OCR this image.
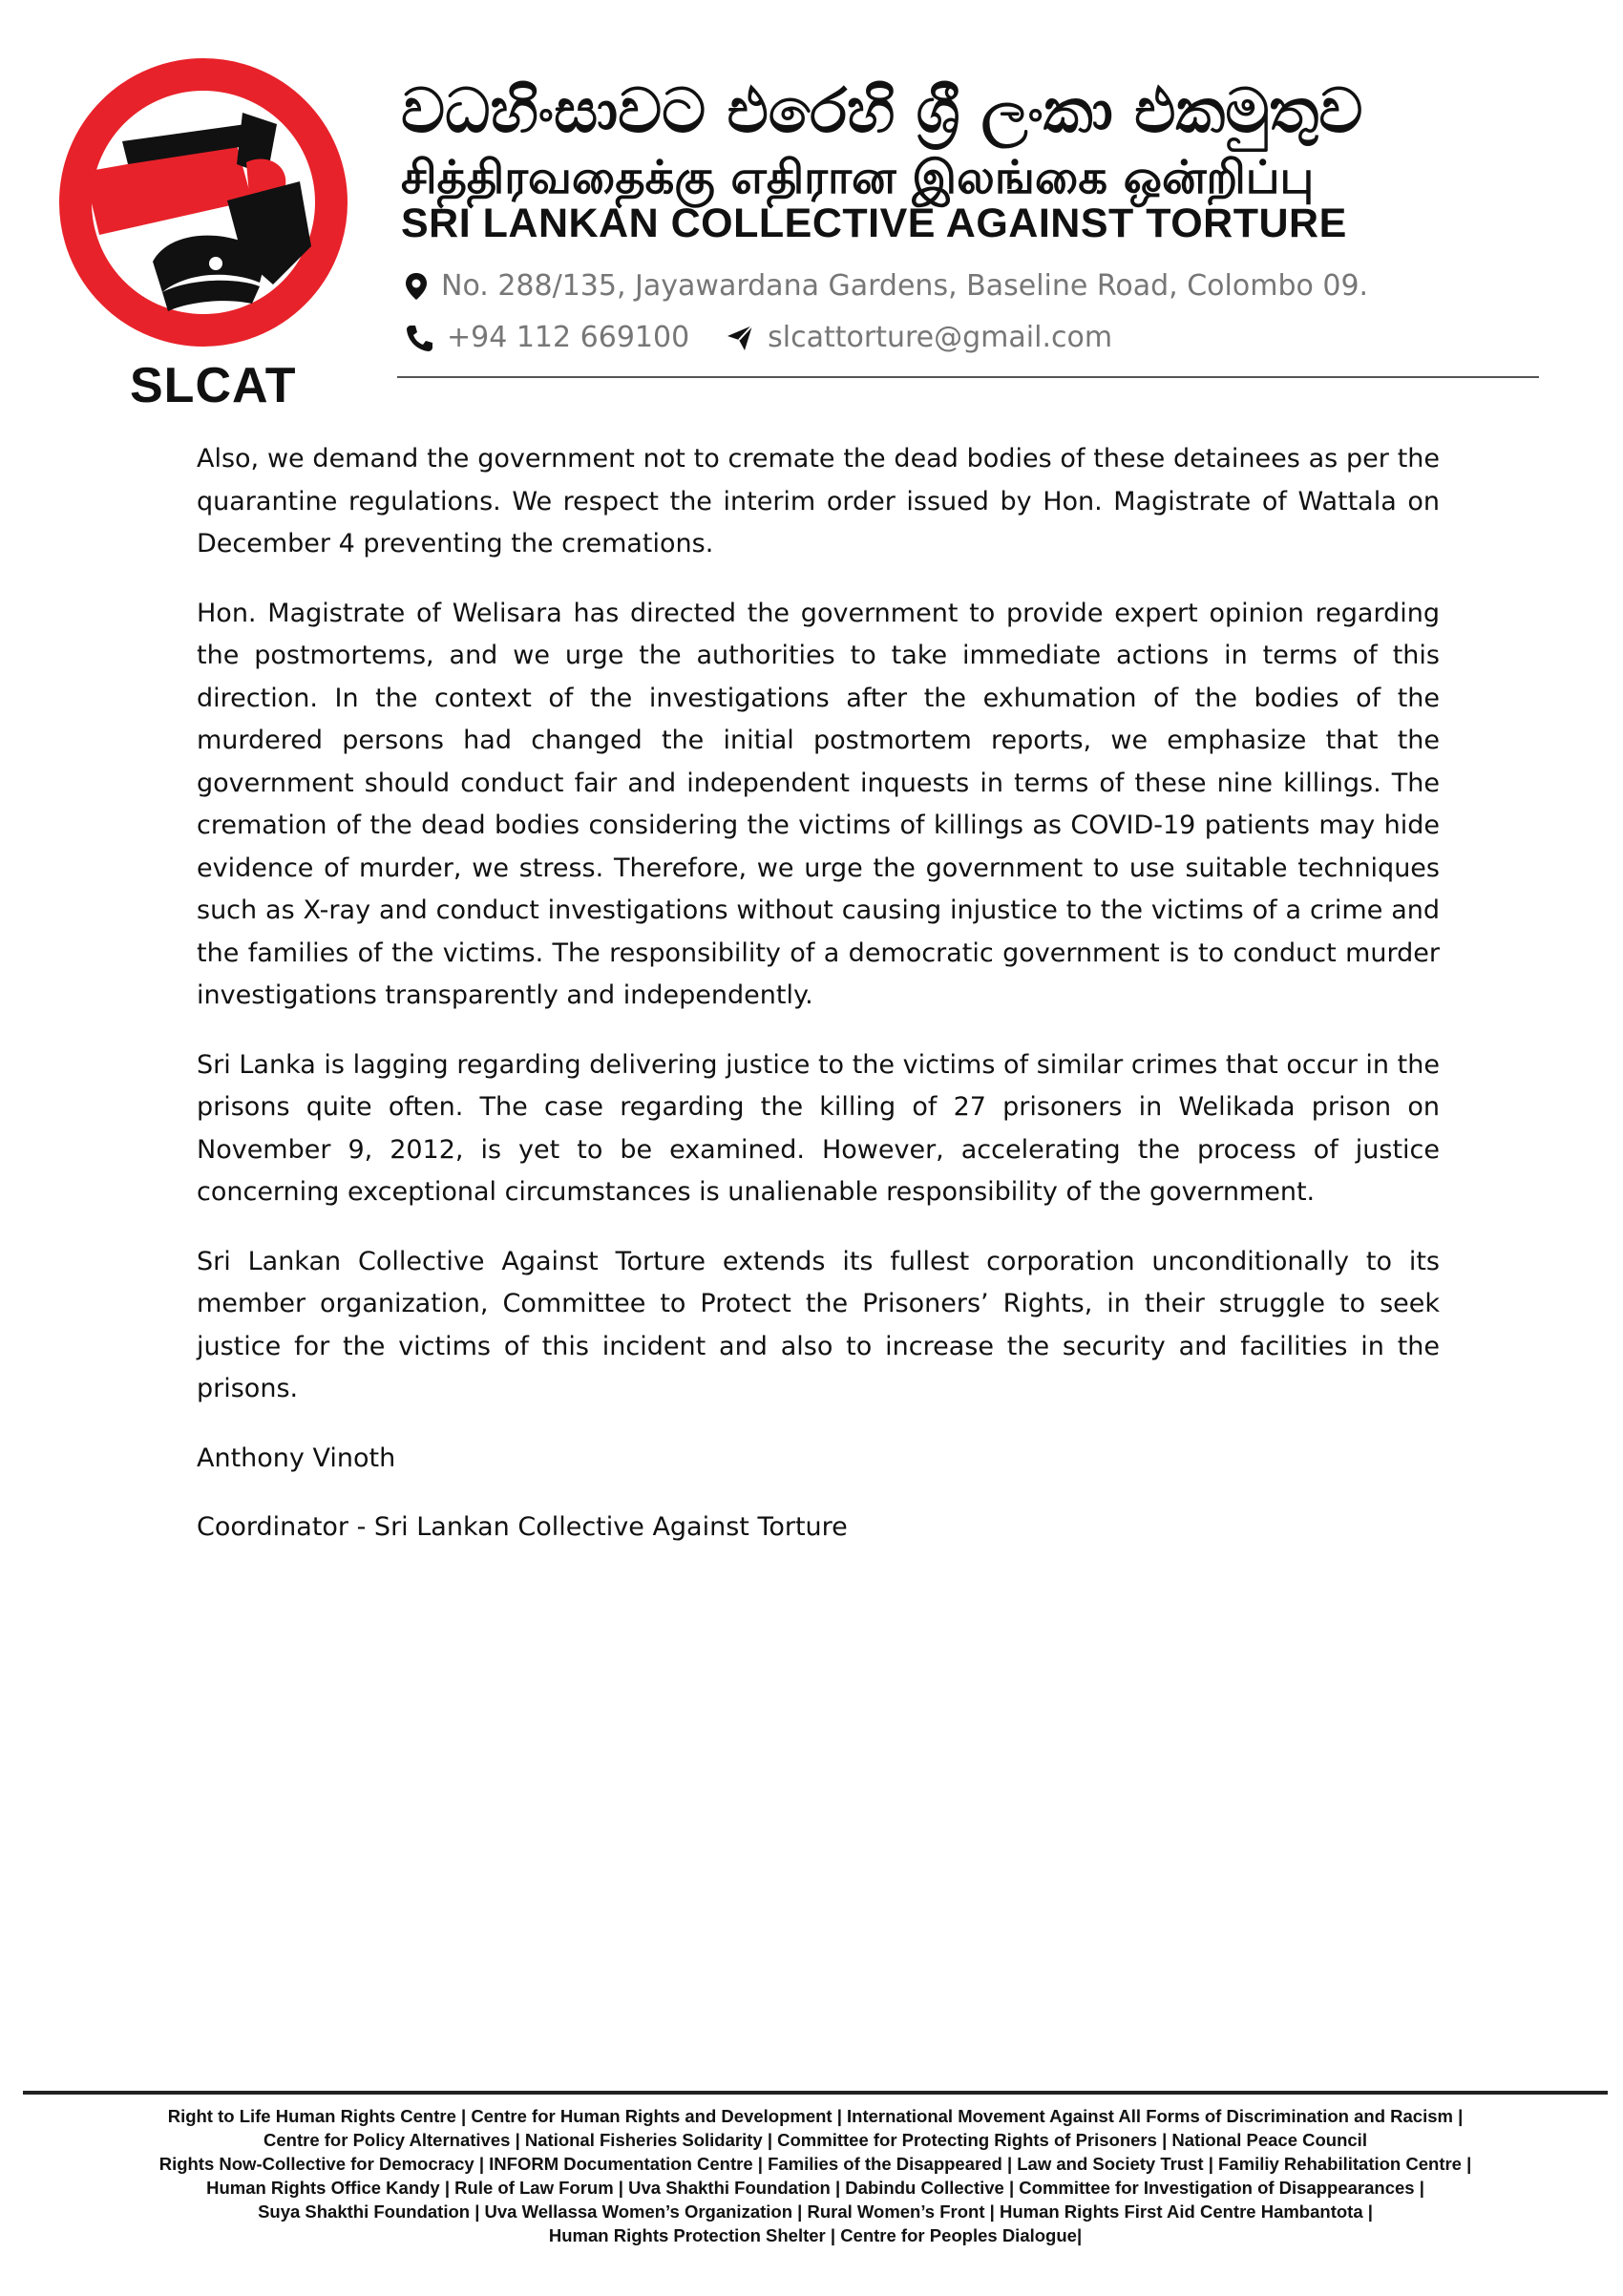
SLCAT
වධහිංසාවට එරෙහි ශ්‍රී ලංකා එකමුතුව
சித்திரவதைக்கு எதிரான இலங்கை ஒன்றிப்பு
SRI LANKAN COLLECTIVE AGAINST TORTURE
No. 288/135, Jayawardana Gardens, Baseline Road, Colombo 09.
+94 112 669100	slcattorture@gmail.com

Also, we demand the government not to cremate the dead bodies of these detainees as per the quarantine regulations. We respect the interim order issued by Hon. Magistrate of Wattala on December 4 preventing the cremations.

Hon. Magistrate of Welisara has directed the government to provide expert opinion regarding the postmortems, and we urge the authorities to take immediate actions in terms of this direction. In the context of the investigations after the exhumation of the bodies of the murdered persons had changed the initial postmortem reports, we emphasize that the government should conduct fair and independent inquests in terms of these nine killings. The cremation of the dead bodies considering the victims of killings as COVID-19 patients may hide evidence of murder, we stress. Therefore, we urge the government to use suitable techniques such as X-ray and conduct investigations without causing injustice to the victims of a crime and the families of the victims. The responsibility of a democratic government is to conduct murder investigations transparently and independently.

Sri Lanka is lagging regarding delivering justice to the victims of similar crimes that occur in the prisons quite often. The case regarding the killing of 27 prisoners in Welikada prison on November 9, 2012, is yet to be examined. However, accelerating the process of justice concerning exceptional circumstances is unalienable responsibility of the government.

Sri Lankan Collective Against Torture extends its fullest corporation unconditionally to its member organization, Committee to Protect the Prisoners’ Rights, in their struggle to seek justice for the victims of this incident and also to increase the security and facilities in the prisons.

Anthony Vinoth

Coordinator - Sri Lankan Collective Against Torture

Right to Life Human Rights Centre | Centre for Human Rights and Development | International Movement Against All Forms of Discrimination and Racism |
Centre for Policy Alternatives | National Fisheries Solidarity | Committee for Protecting Rights of Prisoners | National Peace Council
Rights Now-Collective for Democracy | INFORM Documentation Centre | Families of the Disappeared | Law and Society Trust | Familiy Rehabilitation Centre |
Human Rights Office Kandy | Rule of Law Forum | Uva Shakthi Foundation | Dabindu Collective | Committee for Investigation of Disappearances |
Suya Shakthi Foundation | Uva Wellassa Women’s Organization | Rural Women’s Front | Human Rights First Aid Centre Hambantota |
Human Rights Protection Shelter | Centre for Peoples Dialogue|
